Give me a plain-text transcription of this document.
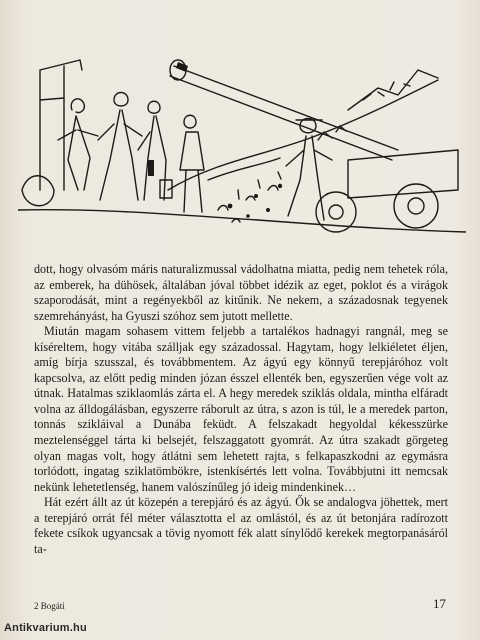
dott, hogy olvasóm máris naturalizmussal vádolhatna miatta, pedig nem tehetek róla, az emberek, ha dühösek, általában jóval többet idézik az eget, poklot és a virágok szaporodását, mint a regényekből az kitűnik. Ne nekem, a századosnak tegyenek szemrehányást, ha Gyuszi szóhoz sem jutott mellette.

Miután magam sohasem vittem feljebb a tartalékos hadnagyi rangnál, meg se kíséreltem, hogy vitába szálljak egy századossal. Hagytam, hogy lelkiéletet éljen, amíg bírja szusszal, és továbbmentem. Az ágyú egy könnyű terepjáróhoz volt kapcsolva, az előtt pedig minden józan ésszel ellenték ben, egyszerűen vége volt az útnak. Hatalmas sziklaomlás zárta el. A hegy meredek sziklás oldala, mintha elfáradt volna az álldogálásban, egyszerre ráborult az útra, s azon is túl, le a meredek parton, tonnás szikláival a Dunába feküdt. A felszakadt hegyoldal kékesszürke meztelenséggel tárta ki belsejét, felszaggatott gyomrát. Az útra szakadt görgeteg olyan magas volt, hogy átlátni sem lehetett rajta, s felkapaszkodni az egymásra torlódott, ingatag sziklatömbökre, istenkísértés lett volna. Továbbjutni itt nemcsak nekünk lehetetlenség, hanem valószínűleg jó ideig mindenkinek…

Hát ezért állt az út közepén a terepjáró és az ágyú. Ők se andalogva jöhettek, mert a terepjáró orrát fél méter választotta el az omlástól, és az út betonjára radírozott fekete csíkok ugyancsak a tövig nyomott fék alatt sínylődő kerekek megtorpanásáról ta-

2 Bogáti	17
Antikvarium.hu
